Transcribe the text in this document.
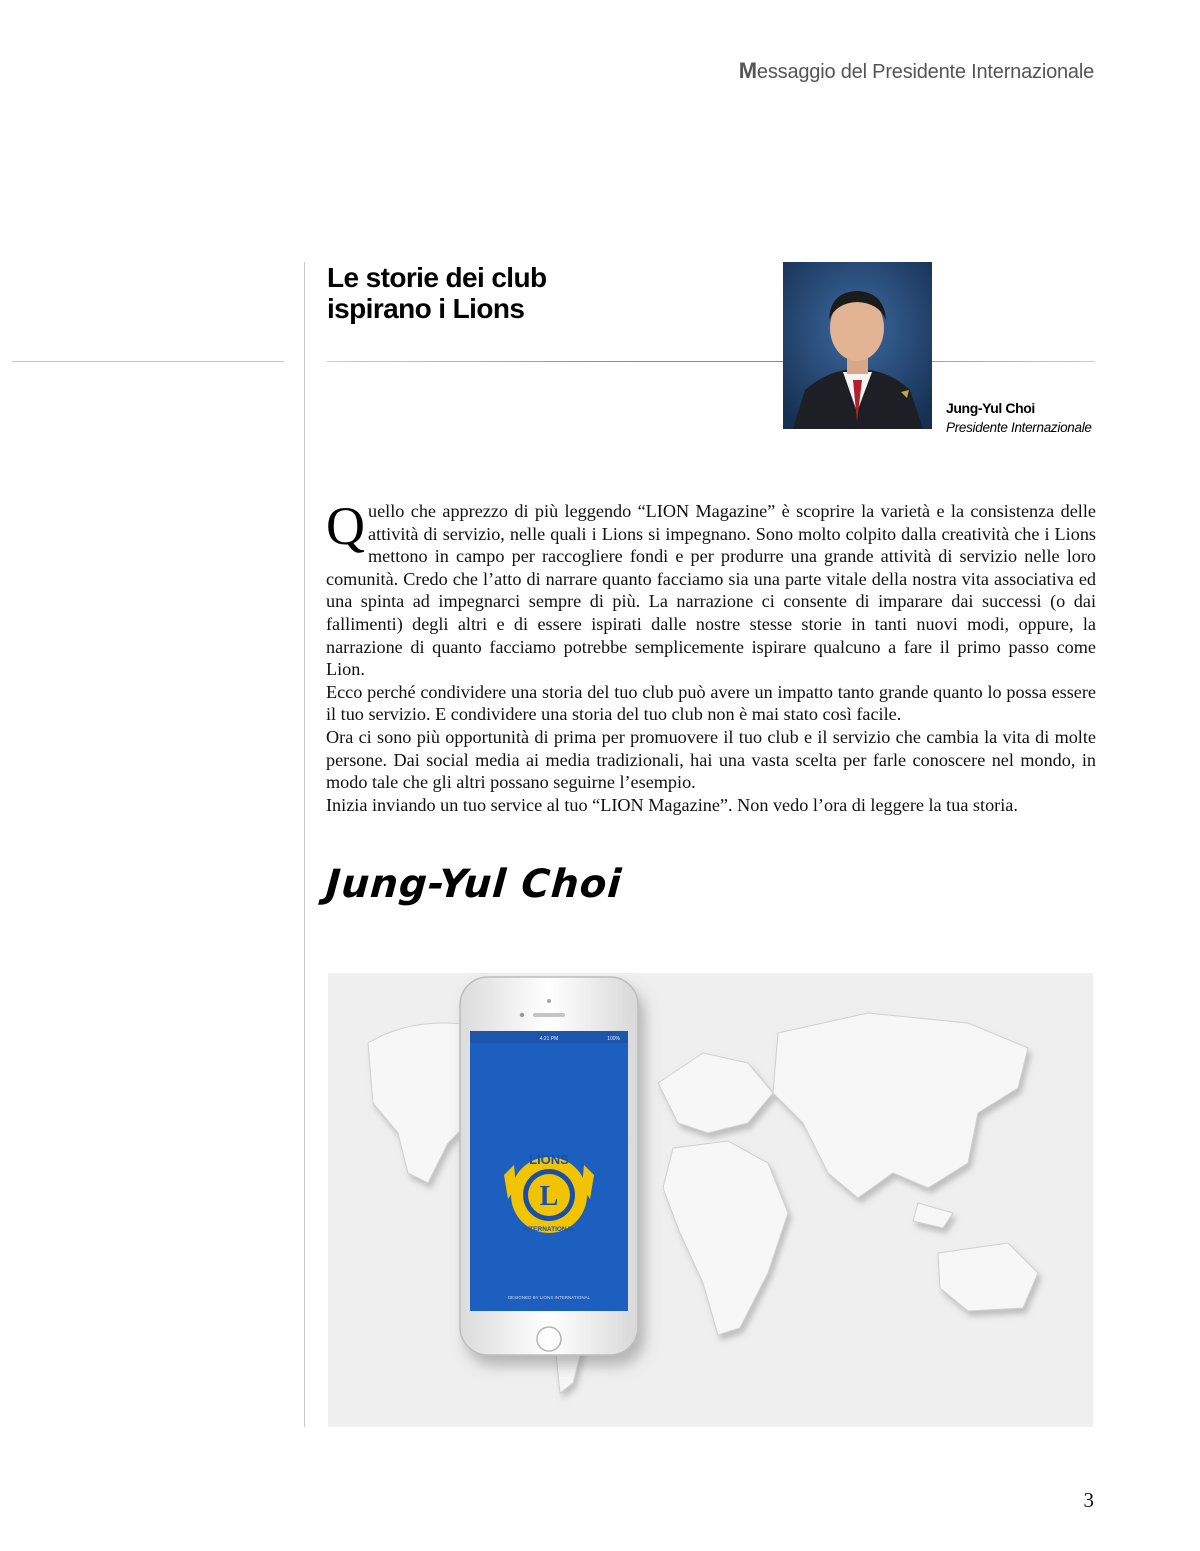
Messaggio del Presidente Internazionale
Le storie dei club
ispirano i Lions
Jung-Yul Choi
Presidente Internazionale

Quello che apprezzo di più leggendo “LION Magazine” è scoprire la varietà e la consistenza delle attività di servizio, nelle quali i Lions si impegnano. Sono molto colpito dalla creatività che i Lions mettono in campo per raccogliere fondi e per produrre una grande attività di servizio nelle loro comunità. Credo che l’atto di narrare quanto facciamo sia una parte vitale della nostra vita associativa ed una spinta ad impegnarci sempre di più. La narrazione ci consente di imparare dai successi (o dai fallimenti) degli altri e di essere ispirati dalle nostre stesse storie in tanti nuovi modi, oppure, la narrazione di quanto facciamo potrebbe semplicemente ispirare qualcuno a fare il primo passo come Lion.

Ecco perché condividere una storia del tuo club può avere un impatto tanto grande quanto lo possa essere il tuo servizio. E condividere una storia del tuo club non è mai stato così facile.

Ora ci sono più opportunità di prima per promuovere il tuo club e il servizio che cambia la vita di molte persone. Dai social media ai media tradizionali, hai una vasta scelta per farle conoscere nel mondo, in modo tale che gli altri possano seguirne l’esempio.

Inizia inviando un tuo service al tuo “LION Magazine”. Non vedo l’ora di leggere la tua storia.

Jung-Yul Choi
4:21 PM	100%
L
LIONS
INTERNATIONAL
DESIGNED BY LIONS INTERNATIONAL
3
